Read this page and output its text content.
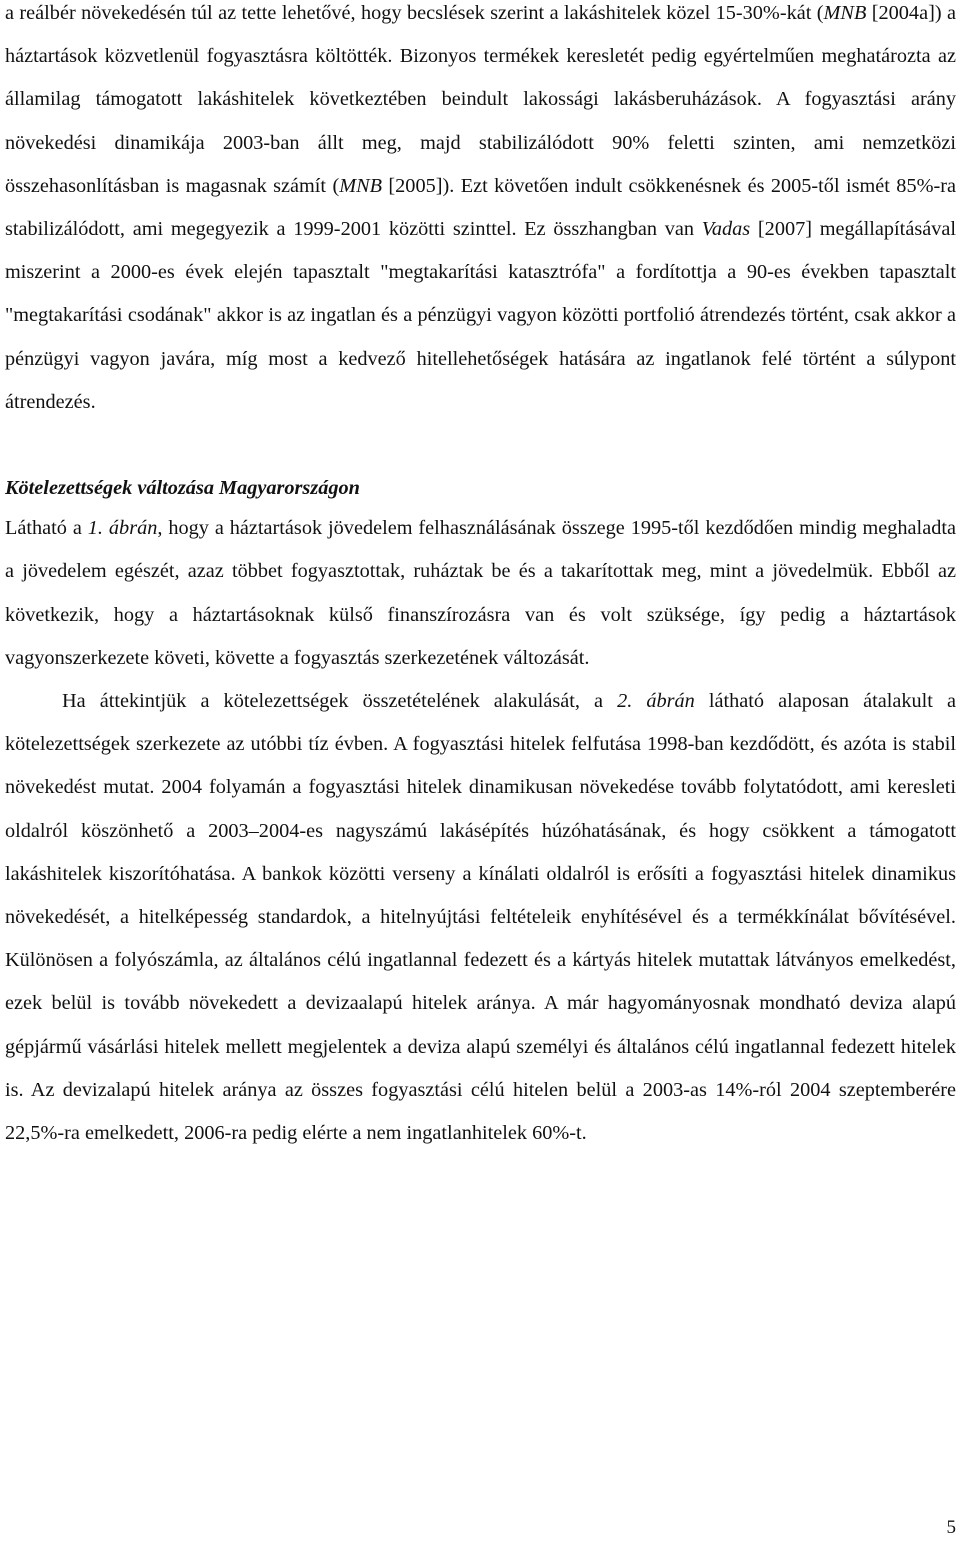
a reálbér növekedésén túl az tette lehetővé, hogy becslések szerint a lakáshitelek közel 15-30%-kát (MNB [2004a]) a háztartások közvetlenül fogyasztásra költötték. Bizonyos termékek keresletét pedig egyértelműen meghatározta az államilag támogatott lakáshitelek következtében beindult lakossági lakásberuházások. A fogyasztási arány növekedési dinamikája 2003-ban állt meg, majd stabilizálódott 90% feletti szinten, ami nemzetközi összehasonlításban is magasnak számít (MNB [2005]). Ezt követően indult csökkenésnek és 2005-től ismét 85%-ra stabilizálódott, ami megegyezik a 1999-2001 közötti szinttel. Ez összhangban van Vadas [2007] megállapításával miszerint a 2000-es évek elején tapasztalt "megtakarítási katasztrófa" a fordítottja a 90-es években tapasztalt "megtakarítási csodának" akkor is az ingatlan és a pénzügyi vagyon közötti portfolió átrendezés történt, csak akkor a pénzügyi vagyon javára, míg most a kedvező hitellehetőségek hatására az ingatlanok felé történt a súlypont átrendezés.

Kötelezettségek változása Magyarországon

Látható a 1. ábrán, hogy a háztartások jövedelem felhasználásának összege 1995-től kezdődően mindig meghaladta a jövedelem egészét, azaz többet fogyasztottak, ruháztak be és a takarítottak meg, mint a jövedelmük. Ebből az következik, hogy a háztartásoknak külső finanszírozásra van és volt szüksége, így pedig a háztartások vagyonszerkezete követi, követte a fogyasztás szerkezetének változását.

Ha áttekintjük a kötelezettségek összetételének alakulását, a 2. ábrán látható alaposan átalakult a kötelezettségek szerkezete az utóbbi tíz évben. A fogyasztási hitelek felfutása 1998-ban kezdődött, és azóta is stabil növekedést mutat. 2004 folyamán a fogyasztási hitelek dinamikusan növekedése tovább folytatódott, ami keresleti oldalról köszönhető a 2003–2004-es nagyszámú lakásépítés húzóhatásának, és hogy csökkent a támogatott lakáshitelek kiszorítóhatása. A bankok közötti verseny a kínálati oldalról is erősíti a fogyasztási hitelek dinamikus növekedését, a hitelképesség standardok, a hitelnyújtási feltételeik enyhítésével és a termékkínálat bővítésével. Különösen a folyószámla, az általános célú ingatlannal fedezett és a kártyás hitelek mutattak látványos emelkedést, ezek belül is tovább növekedett a devizaalapú hitelek aránya. A már hagyományosnak mondható deviza alapú gépjármű vásárlási hitelek mellett megjelentek a deviza alapú személyi és általános célú ingatlannal fedezett hitelek is. Az devizalapú hitelek aránya az összes fogyasztási célú hitelen belül a 2003-as 14%-ról 2004 szeptemberére 22,5%-ra emelkedett, 2006-ra pedig elérte a nem ingatlanhitelek 60%-t.

5
